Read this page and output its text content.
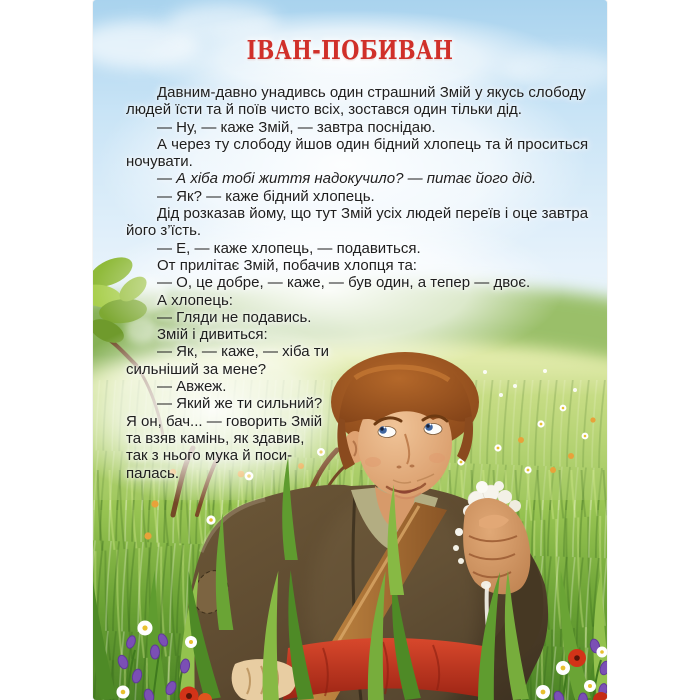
ІВАН-ПОБИВАН
Давним-давно унадивсь один страшний Змій у якусь слободу
людей їсти та й поїв чисто всіх, зостався один тільки дід.
— Ну, — каже Змій, — завтра поснідаю.
А через ту слободу йшов один бідний хлопець та й проситься
ночувати.
— А хіба тобі життя надокучило? — питає його дід.
— Як? — каже бідний хлопець.
Дід розказав йому, що тут Змій усіх людей переїв і оце завтра
його з’їсть.
— Е, — каже хлопець, — подавиться.
От прилітає Змій, побачив хлопця та:
— О, це добре, — каже, — був один, а тепер — двоє.
А хлопець:
— Гляди не подавись.
Змій і дивиться:
— Як, — каже, — хіба ти
сильніший за мене?
— Авжеж.
— Який же ти сильний?
Я он, бач... — говорить Змій
та взяв камінь, як здавив,
так з нього мука й поси-
палась.
